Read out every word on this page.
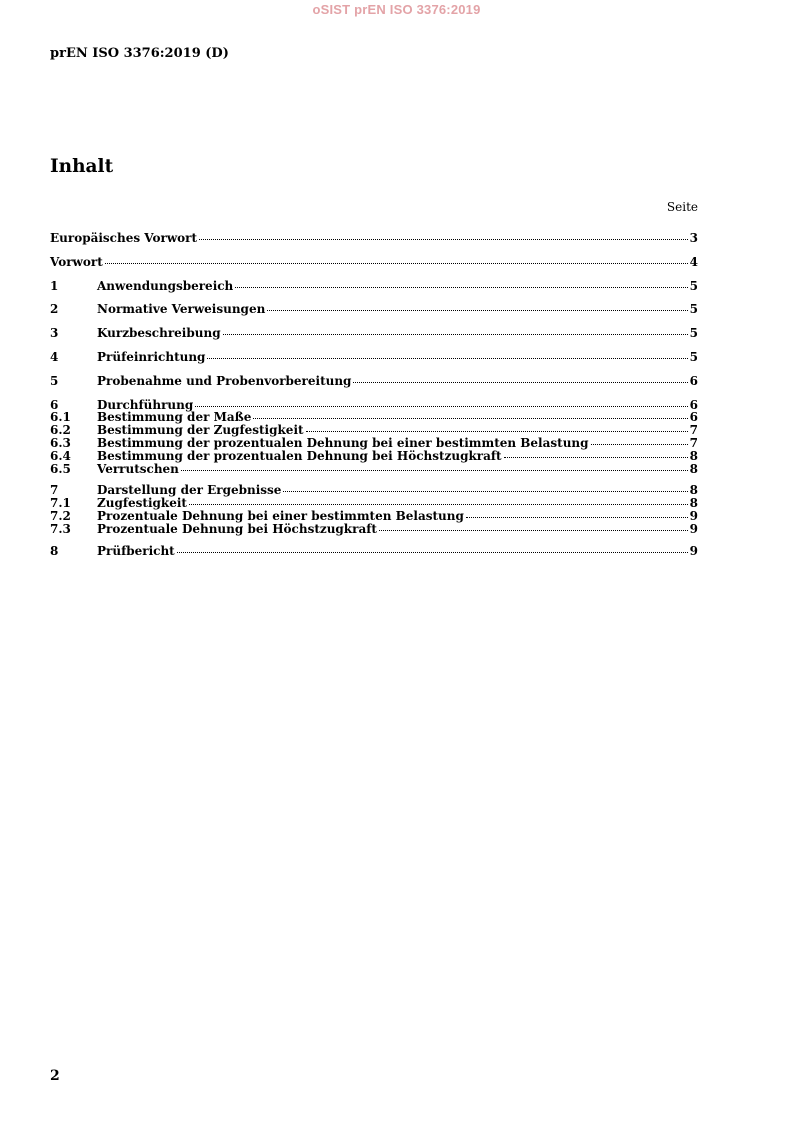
oSIST prEN ISO 3376:2019
prEN ISO 3376:2019 (D)
Inhalt
Seite
Europäisches Vorwort	3
Vorwort	4
1	Anwendungsbereich	5
2	Normative Verweisungen	5
3	Kurzbeschreibung	5
4	Prüfeinrichtung	5
5	Probenahme und Probenvorbereitung	6
6	Durchführung	6
6.1	Bestimmung der Maße	6
6.2	Bestimmung der Zugfestigkeit	7
6.3	Bestimmung der prozentualen Dehnung bei einer bestimmten Belastung	7
6.4	Bestimmung der prozentualen Dehnung bei Höchstzugkraft	8
6.5	Verrutschen	8
7	Darstellung der Ergebnisse	8
7.1	Zugfestigkeit	8
7.2	Prozentuale Dehnung bei einer bestimmten Belastung	9
7.3	Prozentuale Dehnung bei Höchstzugkraft	9
8	Prüfbericht	9
2
